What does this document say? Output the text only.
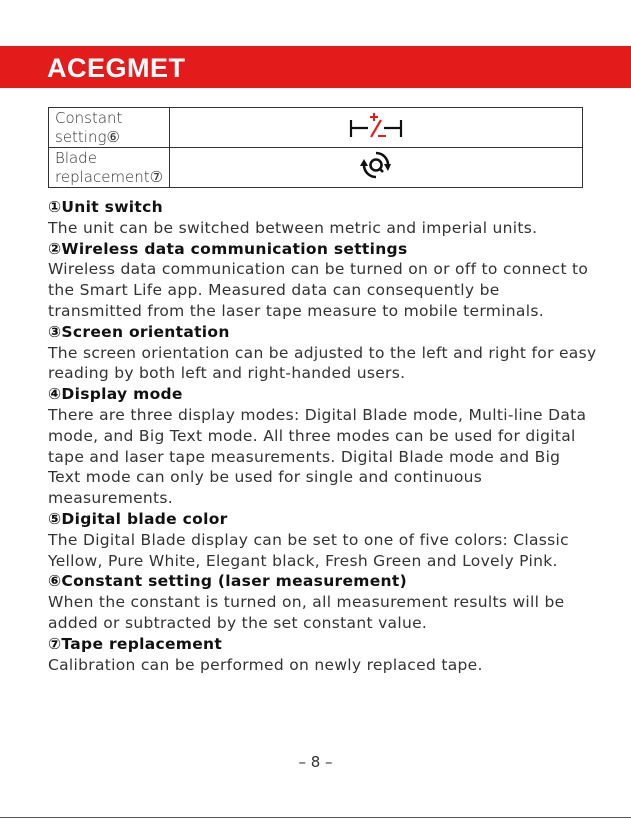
ACEGMET
Constant
setting⑥	
Blade
replacement⑦	
①Unit switch
The unit can be switched between metric and imperial units.
②Wireless data communication settings
Wireless data communication can be turned on or off to connect to the Smart Life app. Measured data can consequently be transmitted from the laser tape measure to mobile terminals.
③Screen orientation
The screen orientation can be adjusted to the left and right for easy reading by both left and right-handed users.
④Display mode
There are three display modes: Digital Blade mode, Multi-line Data mode, and Big Text mode. All three modes can be used for digital tape and laser tape measurements. Digital Blade mode and Big Text mode can only be used for single and continuous measurements.
⑤Digital blade color
The Digital Blade display can be set to one of five colors: Classic Yellow, Pure White, Elegant black, Fresh Green and Lovely Pink.
⑥Constant setting (laser measurement)
When the constant is turned on, all measurement results will be added or subtracted by the set constant value.
⑦Tape replacement
Calibration can be performed on newly replaced tape.
– 8 –
